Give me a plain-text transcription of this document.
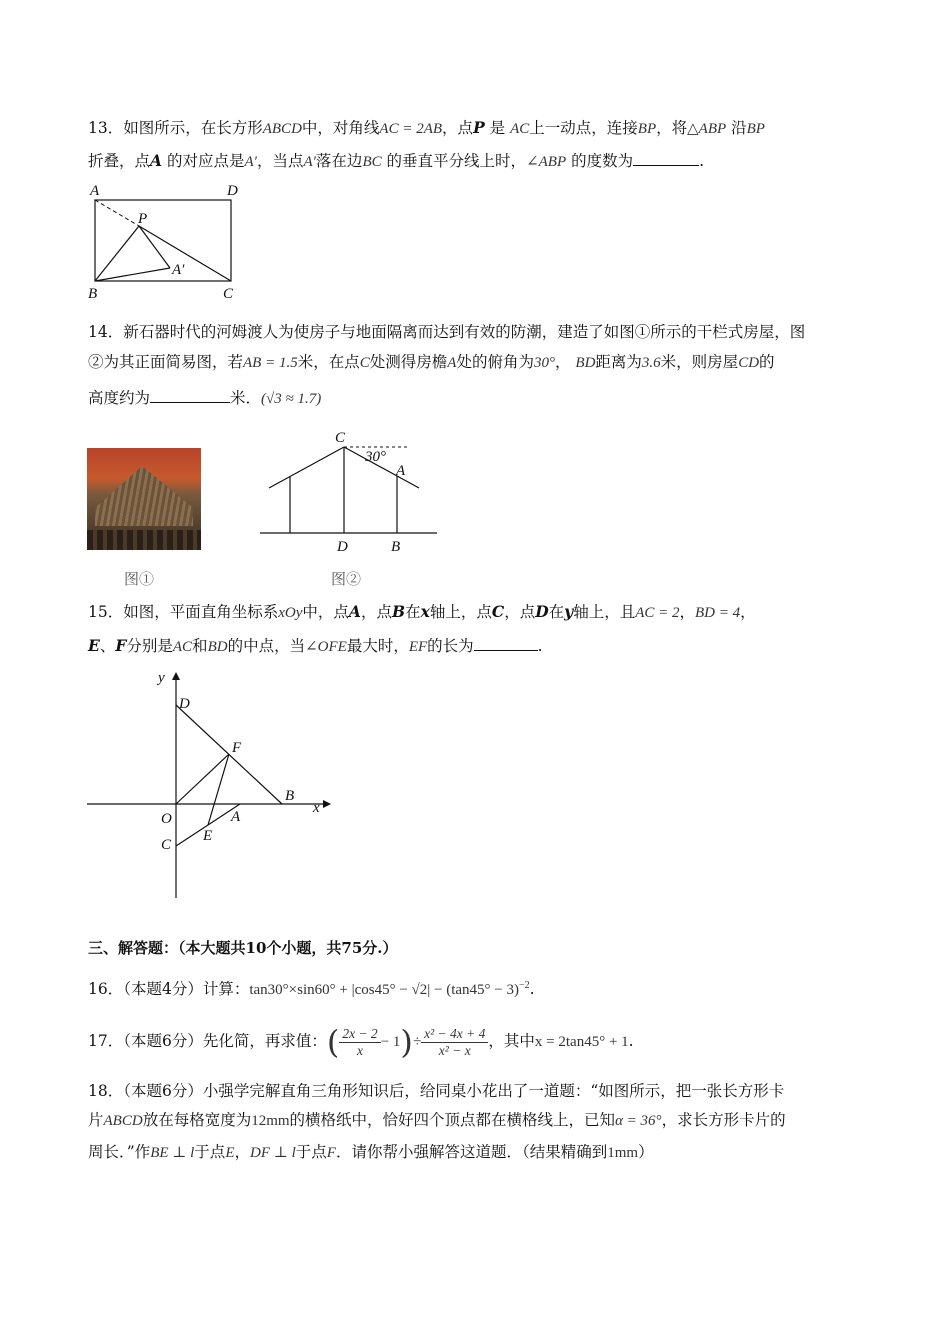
13．如图所示，在长方形ABCD中，对角线AC = 2AB，点P 是 AC上一动点，连接BP，将△ABP 沿BP
折叠，点A 的对应点是A′，当点A′落在边BC 的垂直平分线上时，∠ABP 的度数为	.
A	D
P
A′
B	C
14．新石器时代的河姆渡人为使房子与地面隔离而达到有效的防潮，建造了如图①所示的干栏式房屋，图
②为其正面简易图，若AB = 1.5米，在点C处测得房檐A处的俯角为30°， BD距离为3.6米，则房屋CD的
高度约为	米．(√3 ≈ 1.7)
图①
C
30°
A
D	B
图②
15．如图，平面直角坐标系xOy中，点A，点B在x轴上，点C，点D在y轴上，且AC = 2，BD = 4，
E、F分别是AC和BD的中点，当∠OFE最大时，EF的长为	.
y
D
F
B
x
O	A
C
E
三、解答题：（本大题共10个小题，共75分.）
16．（本题4分）计算：$\tan 30^\circ\times\sin 60^\circ + |\cos 45^\circ - √2| - (\tan 45^\circ - 3)^{-2}$.
17．（本题6分）先化简，再求值：( $\frac{2x - 2}{x} - 1)\div \frac{\text{x² − 4x + 4}}{\text{x² − x}}$ ，其中x = 2tan45° + 1.
18．（本题6分）小强学完解直角三角形知识后，给同桌小花出了一道题：“如图所示，把一张长方形卡
片ABCD放在每格宽度为12mm的横格纸中，恰好四个顶点都在横格线上，已知α = 36°，求长方形卡片的
周长．”作BE ⊥ l于点E，DF ⊥ l于点F．请你帮小强解答这道题．（结果精确到1mm）
